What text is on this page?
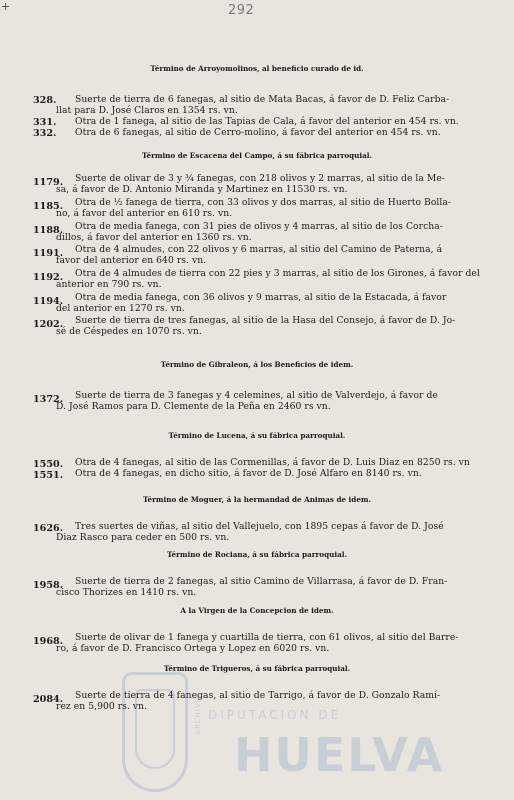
+	292
Término de Arroyomolinos, al beneficio curado de id.
328. Suerte de tierra de 6 fanegas, al sitio de Mata Bacas, á favor de D. Feliz Carba-
llat para D. José Claros en 1354 rs. vn.
331. Otra de 1 fanega, al sitio de las Tapias de Cala, á favor del anterior en 454 rs. vn.
332. Otra de 6 fanegas, al sitio de Cerro-molino, á favor del anterior en 454 rs. vn.
Término de Escacena del Campo, á su fábrica parroquial.
1179. Suerte de olivar de 3 y ¾ fanegas, con 218 olivos y 2 marras, al sitio de la Me-
sa, á favor de D. Antonio Miranda y Martinez en 11530 rs. vn.
1185. Otra de ½ fanega de tierra, con 33 olivos y dos marras, al sitio de Huerto Bolla-
no, á favor del anterior en 610 rs. vn.
1188. Otra de media fanega, con 31 pies de olivos y 4 marras, al sitio de los Corcha-
dillos, á favor del anterior en 1360 rs. vn.
1191. Otra de 4 almudes, con 22 olivos y 6 marras, al sitio del Camino de Paterna, á
favor del anterior en 640 rs. vn.
1192. Otra de 4 almudes de tierra con 22 pies y 3 marras, al sitio de los Girones, á favor del
anterior en 790 rs. vn.
1194. Otra de media fanega, con 36 olivos y 9 marras, al sitio de la Estacada, á favor
del anterior en 1270 rs. vn.
1202. Suerte de tierra de tres fanegas, al sitio de la Hasa del Consejo, á favor de D. Jo-
sé de Céspedes en 1070 rs. vn.
Término de Gibraleon, á los Beneficios de idem.
1372. Suerte de tierra de 3 fanegas y 4 celemines, al sitio de Valverdejo, á favor de
D. José Ramos para D. Clemente de la Peña en 2460 rs vn.
Término de Lucena, á su fábrica parroquial.
1550. Otra de 4 fanegas, al sitio de las Cormenillas, á favor de D. Luis Diaz en 8250 rs. vn
1551. Otra de 4 fanegas, en dicho sitio, á favor de D. José Alfaro en 8140 rs. vn.
Término de Moguer, á la hermandad de Animas de idem.
1626. Tres suertes de viñas, al sitio del Vallejuelo, con 1895 cepas á favor de D. José
Diaz Rasco para ceder en 500 rs. vn.
Término de Rociana, á su fábrica parroquial.
1958. Suerte de tierra de 2 fanegas, al sitio Camino de Villarrasa, á favor de D. Fran-
cisco Thorizes en 1410 rs. vn.
A la Virgen de la Concepcion de idem.
1968. Suerte de olivar de 1 fanega y cuartilla de tierra, con 61 olivos, al sitio del Barre-
ro, á favor de D. Francisco Ortega y Lopez en 6020 rs. vn.
Término de Trigueros, á su fábrica parroquial.
2084. Suerte de tierra de 4 fanegas, al sitio de Tarrigo, á favor de D. Gonzalo Ramí-
rez en 5,900 rs. vn.	ARCHIVO DIPUTACIÓN DE
HUELVA
